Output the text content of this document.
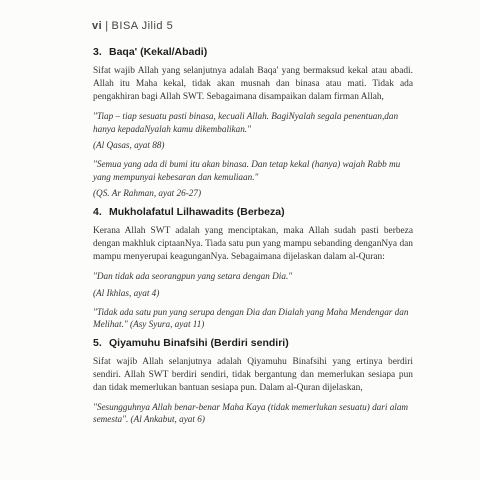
vi | BISA Jilid 5
3. Baqa' (Kekal/Abadi)

Sifat wajib Allah yang selanjutnya adalah Baqa' yang bermaksud kekal atau abadi. Allah itu Maha kekal, tidak akan musnah dan binasa atau mati. Tidak ada pengakhiran bagi Allah SWT. Sebagaimana disampaikan dalam firman Allah,

"Tiap – tiap sesuatu pasti binasa, kecuali Allah. BagiNyalah segala penentuan,dan hanya kepadaNyalah kamu dikembalikan."

(Al Qasas, ayat 88)

"Semua yang ada di bumi itu akan binasa. Dan tetap kekal (hanya) wajah Rabb mu yang mempunyai kebesaran dan kemuliaan."

(QS. Ar Rahman, ayat 26-27)

4. Mukholafatul Lilhawadits (Berbeza)

Kerana Allah SWT adalah yang menciptakan, maka Allah sudah pasti berbeza dengan makhluk ciptaanNya. Tiada satu pun yang mampu sebanding denganNya dan mampu menyerupai keagunganNya. Sebagaimana dijelaskan dalam al-Quran:

"Dan tidak ada seorangpun yang setara dengan Dia."

(Al Ikhlas, ayat 4)

"Tidak ada satu pun yang serupa dengan Dia dan Dialah yang Maha Mendengar dan Melihat." (Asy Syura, ayat 11)

5. Qiyamuhu Binafsihi (Berdiri sendiri)

Sifat wajib Allah selanjutnya adalah Qiyamuhu Binafsihi yang ertinya berdiri sendiri. Allah SWT berdiri sendiri, tidak bergantung dan memerlukan sesiapa pun dan tidak memerlukan bantuan sesiapa pun. Dalam al-Quran dijelaskan,

"Sesungguhnya Allah benar-benar Maha Kaya (tidak memerlukan sesuatu) dari alam semesta". (Al Ankabut, ayat 6)
